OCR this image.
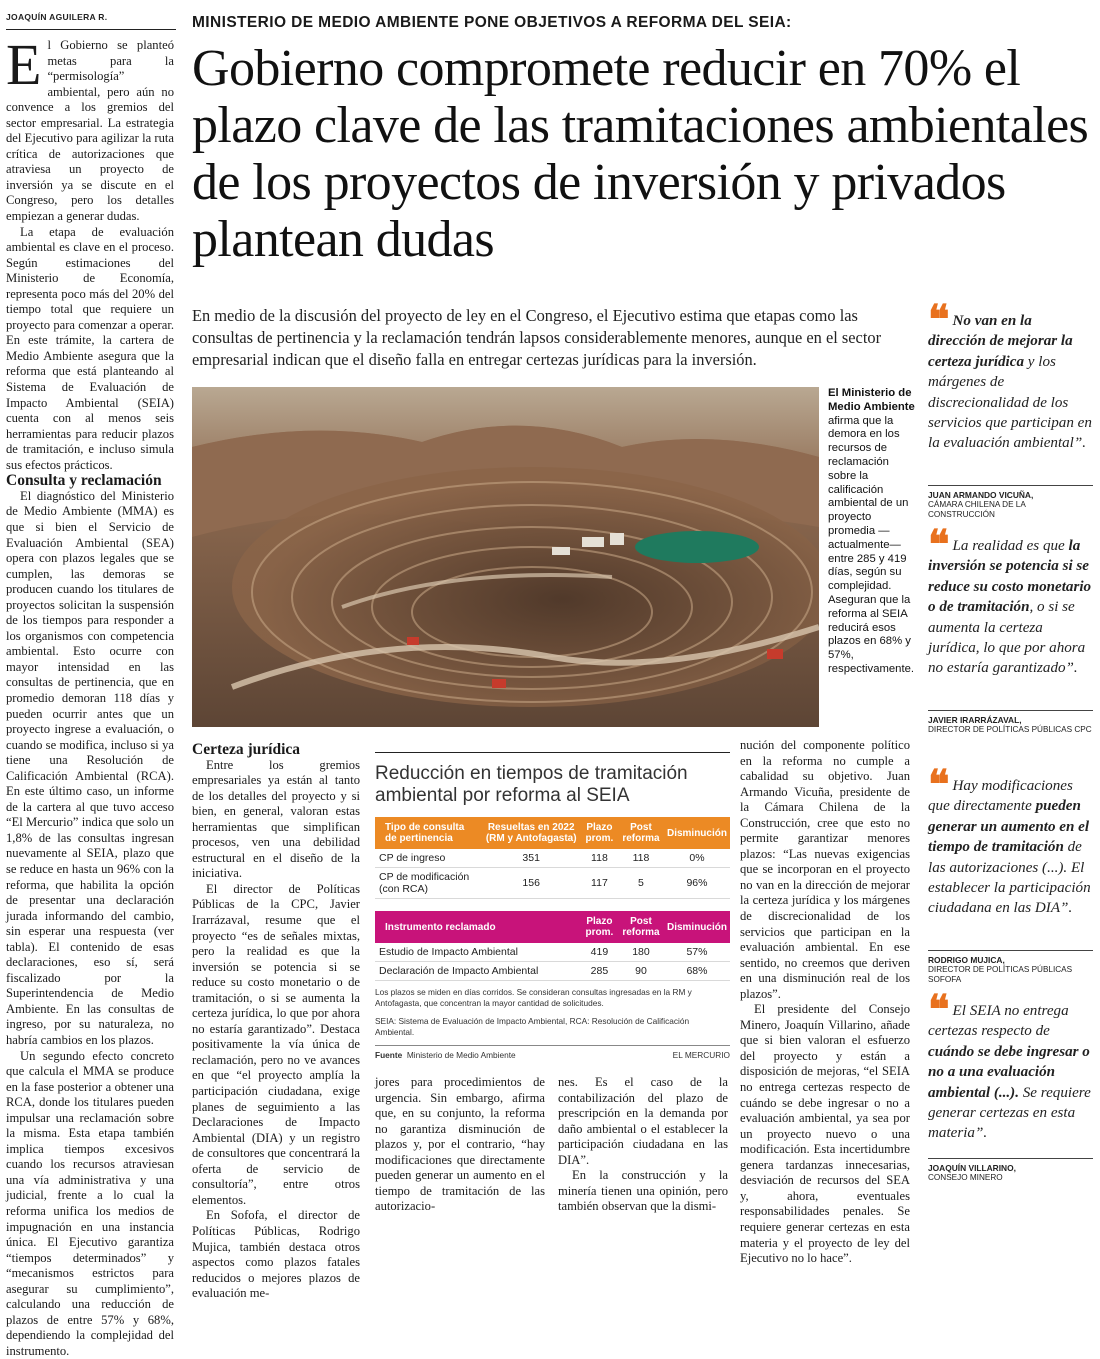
JOAQUÍN AGUILERA R.

El Gobierno se planteó metas para la “permisología” ambiental, pero aún no convence a los gremios del sector empresarial. La estrategia del Ejecutivo para agilizar la ruta crítica de autorizaciones que atraviesa un proyecto de inversión ya se discute en el Congreso, pero los detalles empiezan a generar dudas.

La etapa de evaluación ambiental es clave en el proceso. Según estimaciones del Ministerio de Economía, representa poco más del 20% del tiempo total que requiere un proyecto para comenzar a operar. En este trámite, la cartera de Medio Ambiente asegura que la reforma que está planteando al Sistema de Evaluación de Impacto Ambiental (SEIA) cuenta con al menos seis herramientas para reducir plazos de tramitación, e incluso simula sus efectos prácticos.

Consulta y reclamación

El diagnóstico del Ministerio de Medio Ambiente (MMA) es que si bien el Servicio de Evaluación Ambiental (SEA) opera con plazos legales que se cumplen, las demoras se producen cuando los titulares de proyectos solicitan la suspensión de los tiempos para responder a los organismos con competencia ambiental. Esto ocurre con mayor intensidad en las consultas de pertinencia, que en promedio demoran 118 días y pueden ocurrir antes que un proyecto ingrese a evaluación, o cuando se modifica, incluso si ya tiene una Resolución de Calificación Ambiental (RCA). En este último caso, un informe de la cartera al que tuvo acceso “El Mercurio” indica que solo un 1,8% de las consultas ingresan nuevamente al SEIA, plazo que se reduce en hasta un 96% con la reforma, que habilita la opción de presentar una declaración jurada informando del cambio, sin esperar una respuesta (ver tabla). El contenido de esas declaraciones, eso sí, será fiscalizado por la Superintendencia de Medio Ambiente. En las consultas de ingreso, por su naturaleza, no habría cambios en los plazos.

Un segundo efecto concreto que calcula el MMA se produce en la fase posterior a obtener una RCA, donde los titulares pueden impulsar una reclamación sobre la misma. Esta etapa también implica tiempos excesivos cuando los recursos atraviesan una vía administrativa y una judicial, frente a lo cual la reforma unifica los medios de impugnación en una instancia única. El Ejecutivo garantiza “tiempos determinados” y “mecanismos estrictos para asegurar su cumplimiento”, calculando una reducción de plazos de entre 57% y 68%, dependiendo la complejidad del instrumento.

MINISTERIO DE MEDIO AMBIENTE PONE OBJETIVOS A REFORMA DEL SEIA:
Gobierno compromete reducir en 70% el plazo clave de las tramitaciones ambientales de los proyectos de inversión y privados plantean dudas
En medio de la discusión del proyecto de ley en el Congreso, el Ejecutivo estima que etapas como las consultas de pertinencia y la reclamación tendrán lapsos considerablemente menores, aunque en el sector empresarial indican que el diseño falla en entregar certezas jurídicas para la inversión.
El Ministerio de Medio Ambiente afirma que la demora en los recursos de reclamación sobre la calificación ambiental de un proyecto promedia —actualmente— entre 285 y 419 días, según su complejidad. Aseguran que la reforma al SEIA reducirá esos plazos en 68% y 57%, respectivamente.

Certeza jurídica

Entre los gremios empresariales ya están al tanto de los detalles del proyecto y si bien, en general, valoran estas herramientas que simplifican procesos, ven una debilidad estructural en el diseño de la iniciativa.

El director de Políticas Públicas de la CPC, Javier Irarrázaval, resume que el proyecto “es de señales mixtas, pero la realidad es que la inversión se potencia si se reduce su costo monetario o de tramitación, o si se aumenta la certeza jurídica, lo que por ahora no estaría garantizado”. Destaca positivamente la vía única de reclamación, pero no ve avances en que “el proyecto amplía la participación ciudadana, exige planes de seguimiento a las Declaraciones de Impacto Ambiental (DIA) y un registro de consultores que concentrará la oferta de servicio de consultoría”, entre otros elementos.

En Sofofa, el director de Políticas Públicas, Rodrigo Mujica, también destaca otros aspectos como plazos fatales reducidos o mejores plazos de evaluación me-

Reducción en tiempos de tramitación ambiental por reforma al SEIA
Tipo de consulta de pertinencia	Resueltas en 2022 (RM y Antofagasta)	Plazo prom.	Post reforma	Disminución
CP de ingreso	351	118	118	0%
CP de modificación (con RCA)	156	117	5	96%
Instrumento reclamado	Plazo prom.	Post reforma	Disminución
Estudio de Impacto Ambiental	419	180	57%
Declaración de Impacto Ambiental	285	90	68%
Los plazos se miden en días corridos. Se consideran consultas ingresadas en la RM y Antofagasta, que concentran la mayor cantidad de solicitudes.
SEIA: Sistema de Evaluación de Impacto Ambiental, RCA: Resolución de Calificación Ambiental.
Fuente Ministerio de Medio Ambiente	EL MERCURIO

jores para procedimientos de urgencia. Sin embargo, afirma que, en su conjunto, la reforma no garantiza disminución de plazos y, por el contrario, “hay modificaciones que directamente pueden generar un aumento en el tiempo de tramitación de las autorizacio-

nes. Es el caso de la contabilización del plazo de prescripción en la demanda por daño ambiental o el establecer la participación ciudadana en las DIA”.

En la construcción y la minería tienen una opinión, pero también observan que la dismi-

nución del componente político en la reforma no cumple a cabalidad su objetivo. Juan Armando Vicuña, presidente de la Cámara Chilena de la Construcción, cree que esto no permite garantizar menores plazos: “Las nuevas exigencias que se incorporan en el proyecto no van en la dirección de mejorar la certeza jurídica y los márgenes de discrecionalidad de los servicios que participan en la evaluación ambiental. En ese sentido, no creemos que deriven en una disminución real de los plazos”.

El presidente del Consejo Minero, Joaquín Villarino, añade que si bien valoran el esfuerzo del proyecto y están a disposición de mejoras, “el SEIA no entrega certezas respecto de cuándo se debe ingresar o no a evaluación ambiental, ya sea por un proyecto nuevo o una modificación. Esta incertidumbre genera tardanzas innecesarias, desviación de recursos del SEA y, ahora, eventuales responsabilidades penales. Se requiere generar certezas en esta materia y el proyecto de ley del Ejecutivo no lo hace”.

❝ No van en la dirección de mejorar la certeza jurídica y los márgenes de discrecionalidad de los servicios que participan en la evaluación ambiental”.
JUAN ARMANDO VICUÑA,
CÁMARA CHILENA DE LA CONSTRUCCIÓN
❝ La realidad es que la inversión se potencia si se reduce su costo monetario o de tramitación, o si se aumenta la certeza jurídica, lo que por ahora no estaría garantizado”.
JAVIER IRARRÁZAVAL,
DIRECTOR DE POLÍTICAS PÚBLICAS CPC
❝ Hay modificaciones que directamente pueden generar un aumento en el tiempo de tramitación de las autorizaciones (...). El establecer la participación ciudadana en las DIA”.
RODRIGO MUJICA,
DIRECTOR DE POLÍTICAS PÚBLICAS SOFOFA
❝ El SEIA no entrega certezas respecto de cuándo se debe ingresar o no a una evaluación ambiental (...). Se requiere generar certezas en esta materia”.
JOAQUÍN VILLARINO,
CONSEJO MINERO
